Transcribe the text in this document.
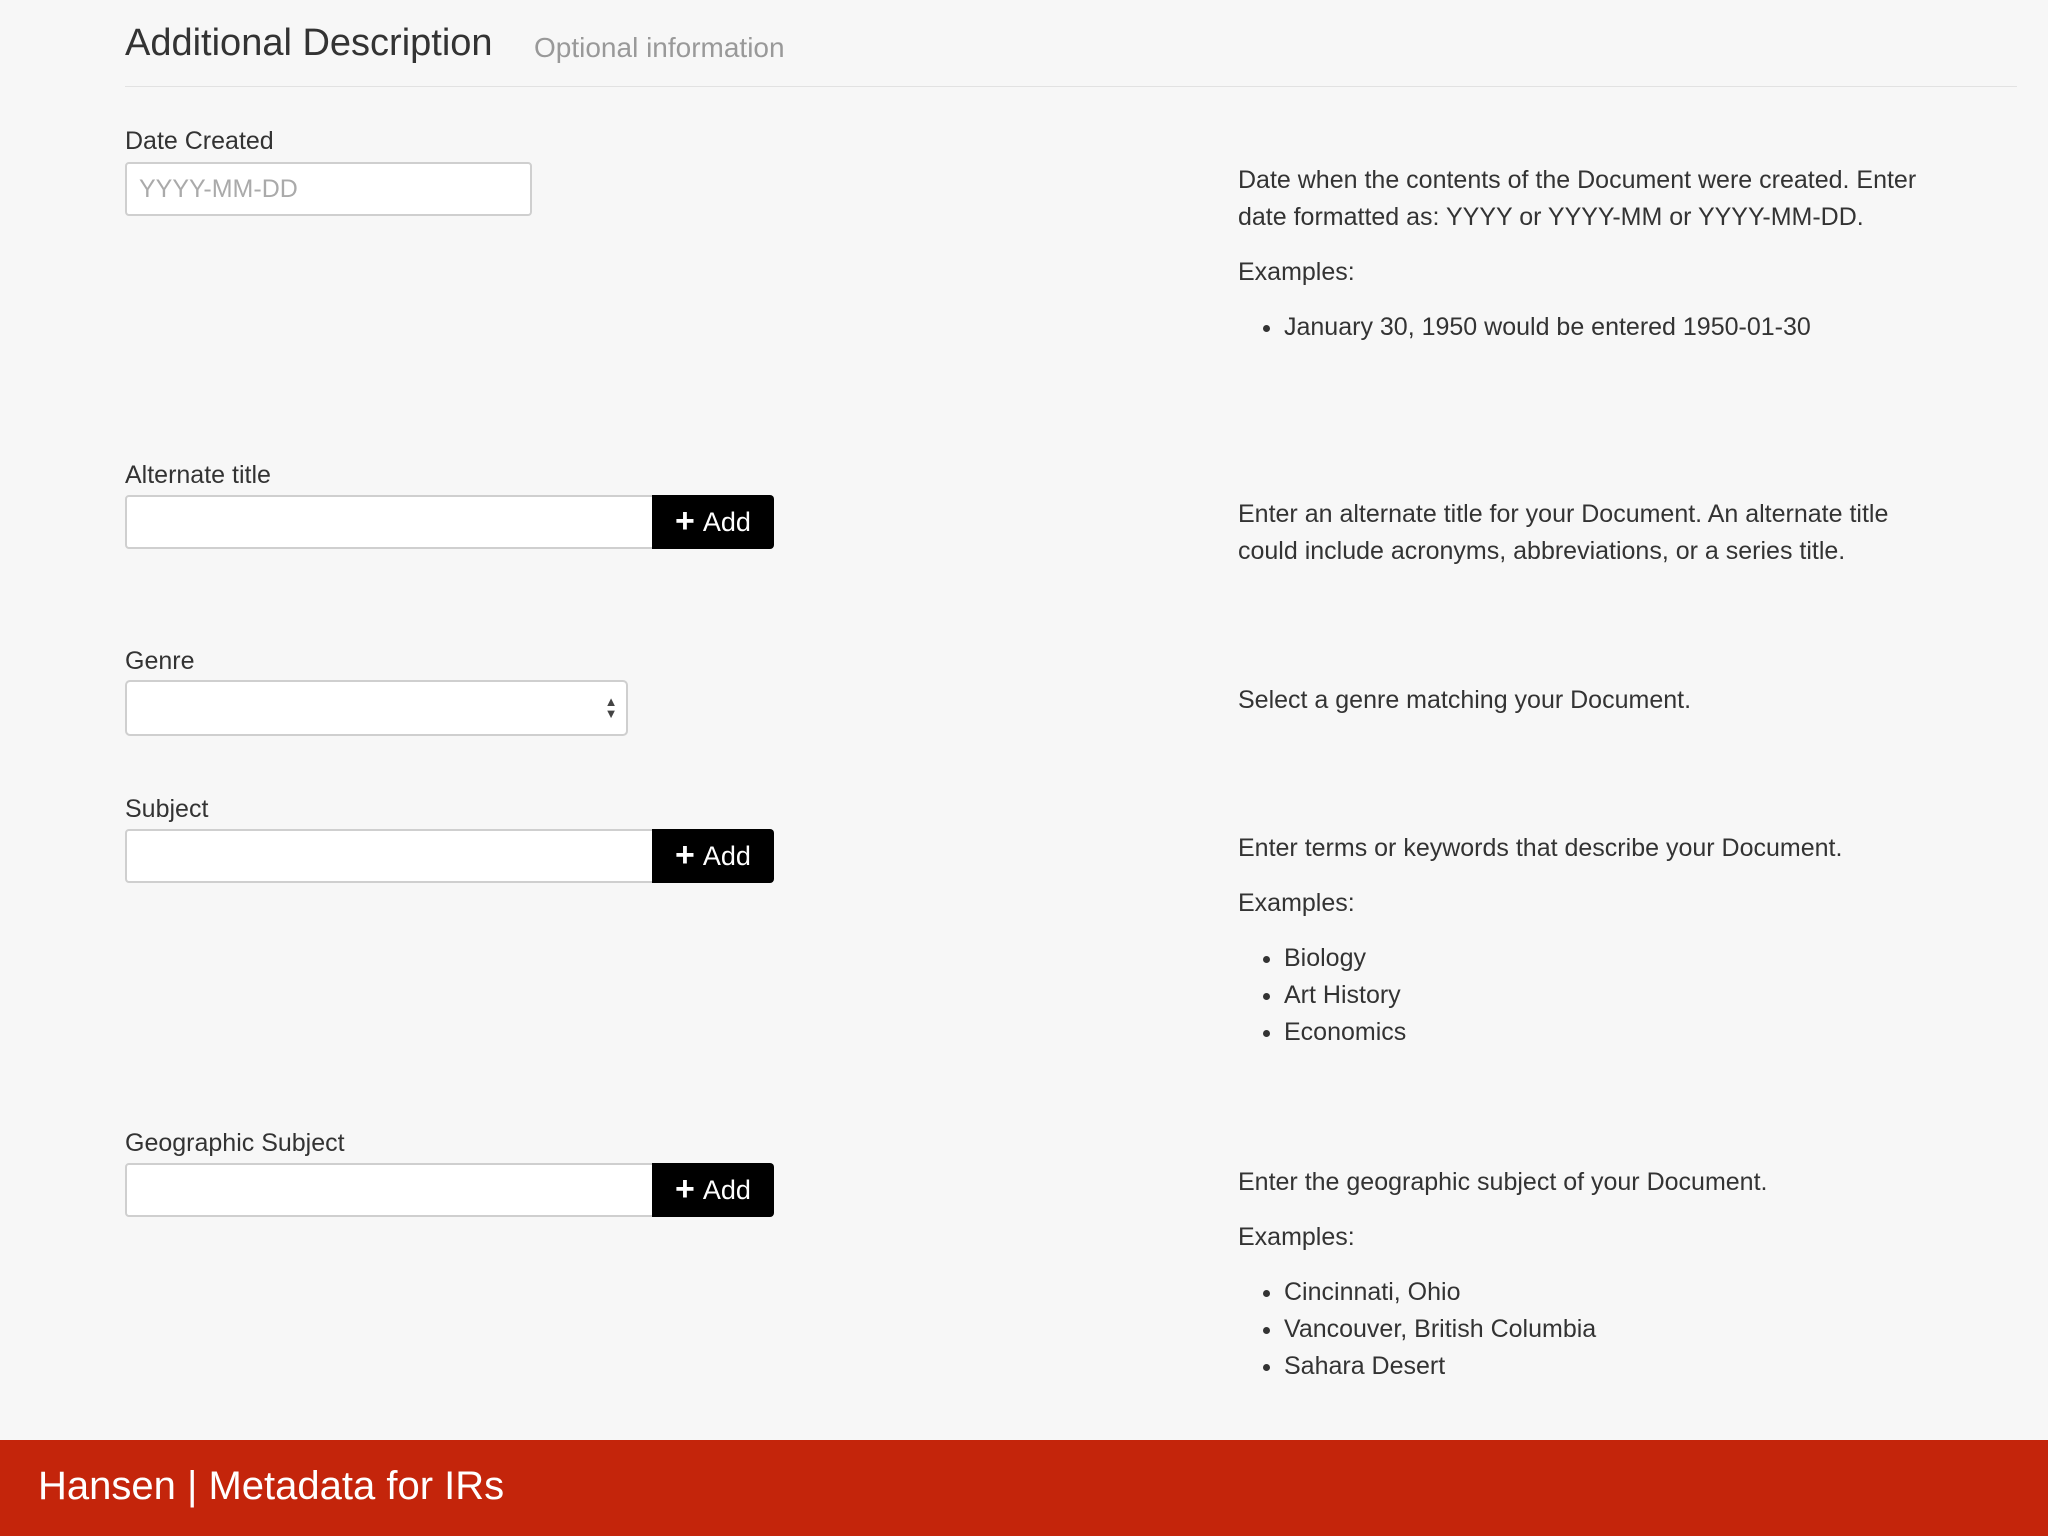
Additional Description Optional information
Date Created
YYYY-MM-DD

Date when the contents of the Document were created. Enter date formatted as: YYYY or YYYY-MM or YYYY-MM-DD.

Examples:

• January 30, 1950 would be entered 1950-01-30
Alternate title
+ Add	Enter an alternate title for your Document. An alternate title could include acronyms, abbreviations, or a series title.

Genre
▲
▼	Select a genre matching your Document.

Subject
+ Add	Enter terms or keywords that describe your Document.

Examples:

• Biology
• Art History
• Economics
Geographic Subject
+ Add	Enter the geographic subject of your Document.

Examples:

• Cincinnati, Ohio
• Vancouver, British Columbia
• Sahara Desert
Hansen | Metadata for IRs
